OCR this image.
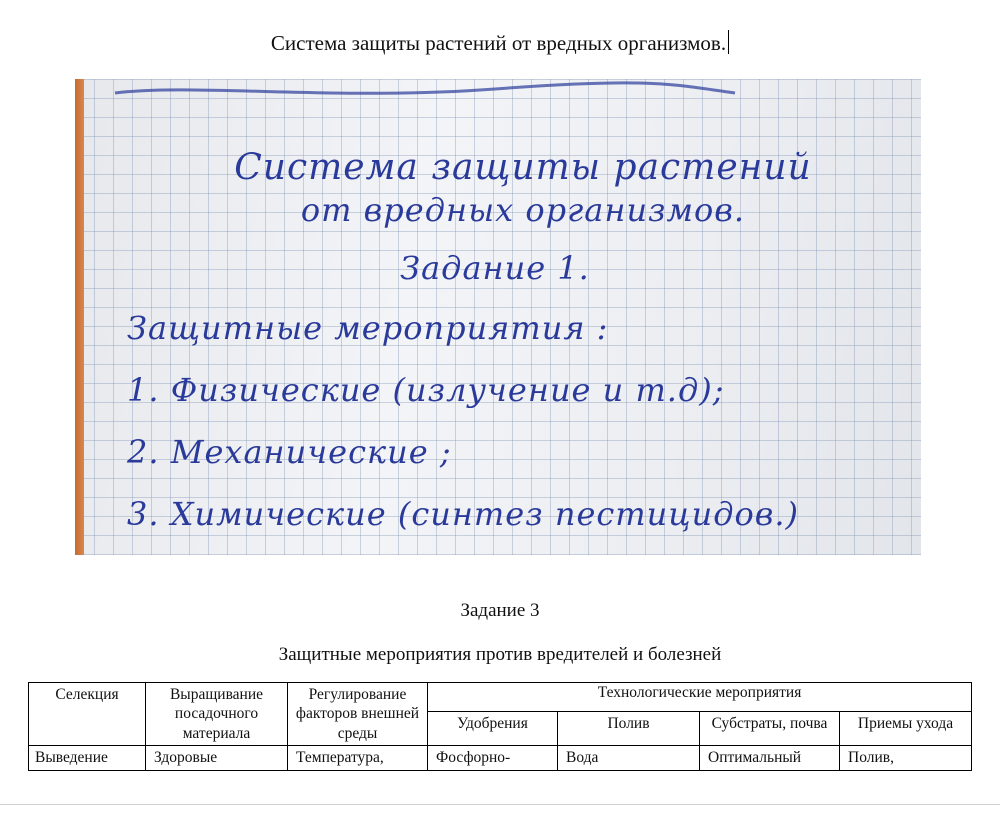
Система защиты растений от вредных организмов.
Система защиты растений
от вредных организмов.
Задание 1.
Защитные мероприятия :
1. Физические (излучение и т.д);
2. Механические ;
3. Химические (синтез пестицидов.)
Задание 3
Защитные мероприятия против вредителей и болезней
Селекция	Выращивание посадочного материала	Регулирование факторов внешней среды	Технологические мероприятия			
			Удобрения	Полив	Субстраты, почва	Приемы ухода
Выведение	Здоровые	Температура,	Фосфорно-	Вода	Оптимальный	Полив,
